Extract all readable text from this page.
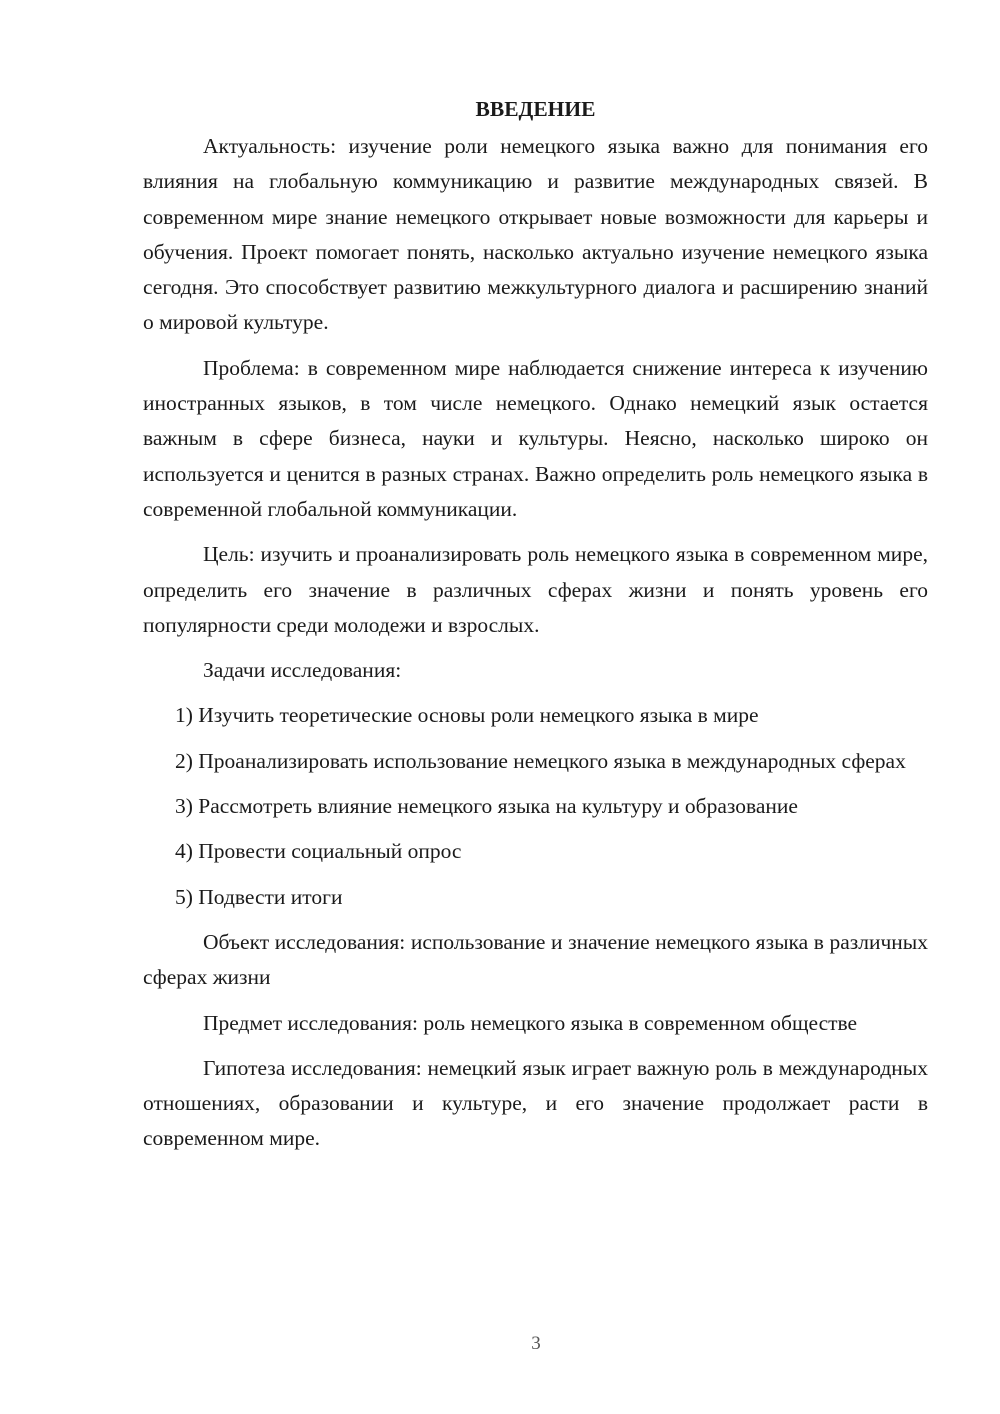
ВВЕДЕНИЕ

Актуальность: изучение роли немецкого языка важно для понимания его влияния на глобальную коммуникацию и развитие международных связей. В современном мире знание немецкого открывает новые возможности для карьеры и обучения. Проект помогает понять, насколько актуально изучение немецкого языка сегодня. Это способствует развитию межкультурного диалога и расширению знаний о мировой культуре.

Проблема: в современном мире наблюдается снижение интереса к изучению иностранных языков, в том числе немецкого. Однако немецкий язык остается важным в сфере бизнеса, науки и культуры. Неясно, насколько широко он используется и ценится в разных странах. Важно определить роль немецкого языка в современной глобальной коммуникации.

Цель: изучить и проанализировать роль немецкого языка в современном мире, определить его значение в различных сферах жизни и понять уровень его популярности среди молодежи и взрослых.

Задачи исследования:

1) Изучить теоретические основы роли немецкого языка в мире

2) Проанализировать использование немецкого языка в международных сферах

3) Рассмотреть влияние немецкого языка на культуру и образование

4) Провести социальный опрос

5) Подвести итоги

Объект исследования: использование и значение немецкого языка в различных сферах жизни

Предмет исследования: роль немецкого языка в современном обществе

Гипотеза исследования: немецкий язык играет важную роль в международных отношениях, образовании и культуре, и его значение продолжает расти в современном мире.

3
